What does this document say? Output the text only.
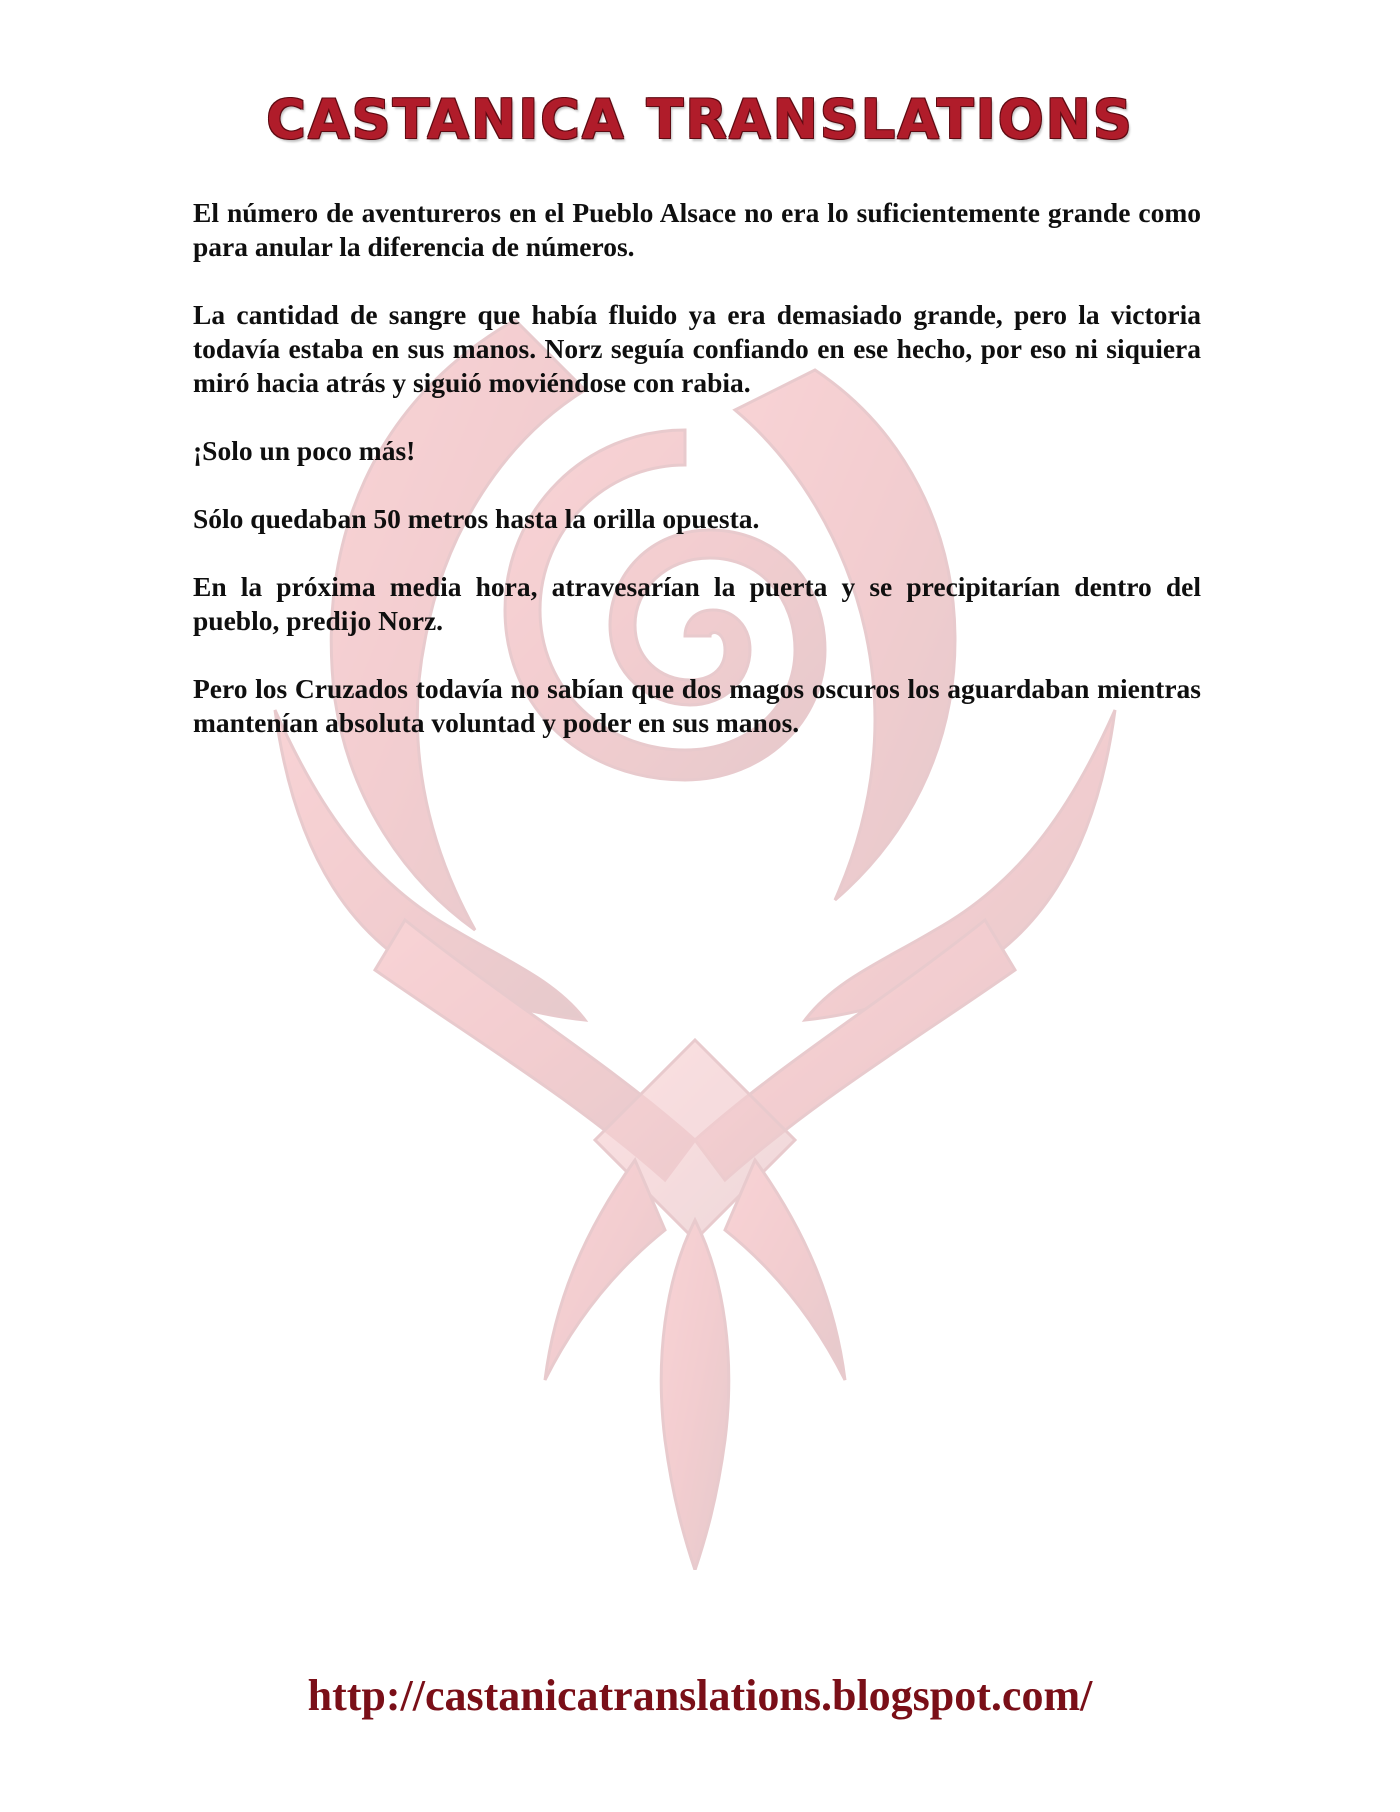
CASTANICA TRANSLATIONS

El número de aventureros en el Pueblo Alsace no era lo suficientemente grande como para anular la diferencia de números.

La cantidad de sangre que había fluido ya era demasiado grande, pero la victoria todavía estaba en sus manos. Norz seguía confiando en ese hecho, por eso ni siquiera miró hacia atrás y siguió moviéndose con rabia.

¡Solo un poco más!

Sólo quedaban 50 metros hasta la orilla opuesta.

En la próxima media hora, atravesarían la puerta y se precipitarían dentro del pueblo, predijo Norz.

Pero los Cruzados todavía no sabían que dos magos oscuros los aguardaban mientras mantenían absoluta voluntad y poder en sus manos.

http://castanicatranslations.blogspot.com/
